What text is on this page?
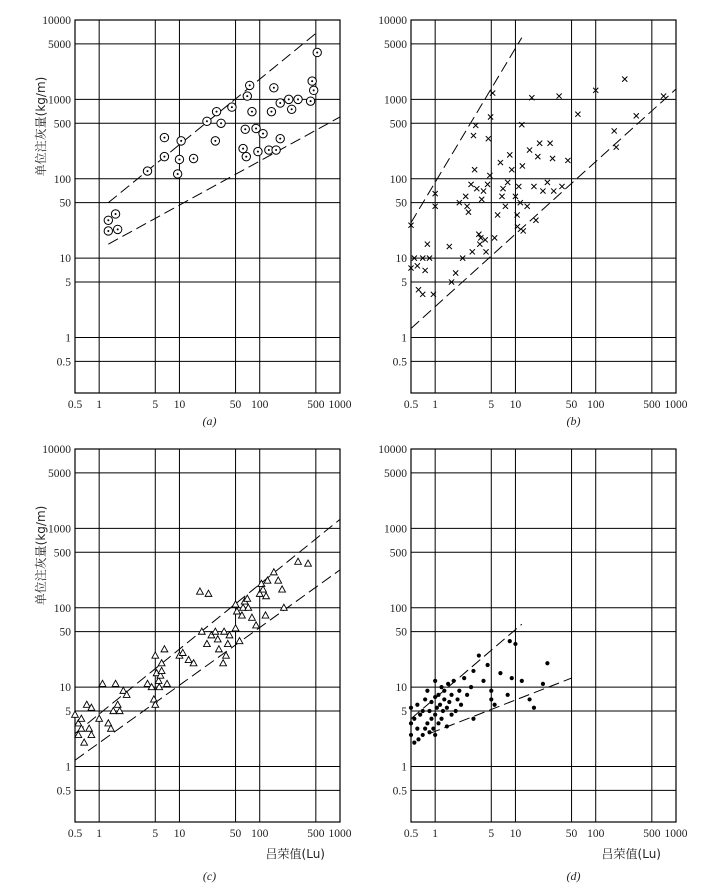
0.5 1	5 10	50 100	500 1000
0.5
1
5
10
50
100
500
1000
5000
10000
单位注灰量(kg/m)
(a)
0.5 1	5 10	50 100	500 1000
0.5
1
5
10
50
100
500
1000
5000
10000
(b)
0.5 1	5 10	50 100	500 1000
0.5
1
5
10
50
100
500
1000
5000
10000
单位注灰量(kg/m)
吕荣值(Lu)
(c)
0.5 1	5 10	50 100	500 1000
0.5
1
5
10
50
100
500
1000
5000
10000
吕荣值(Lu)
(d)
